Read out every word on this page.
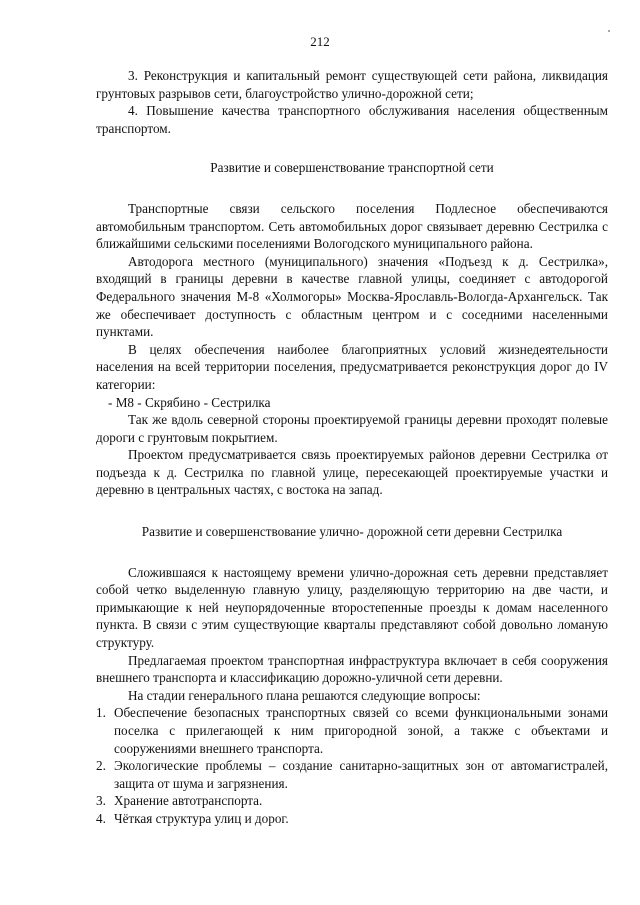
212

3. Реконструкция и капитальный ремонт существующей сети района, ликвидация грунтовых разрывов сети, благоустройство улично-дорожной сети;

4. Повышение качества транспортного обслуживания населения общественным транспортом.

Развитие и совершенствование транспортной сети

Транспортные связи сельского поселения Подлесное обеспечиваются автомобильным транспортом. Сеть автомобильных дорог связывает деревню Сестрилка с ближайшими сельскими поселениями Вологодского муниципального района.

Автодорога местного (муниципального) значения «Подъезд к д. Сестрилка», входящий в границы деревни в качестве главной улицы, соединяет с автодорогой Федерального значения М-8 «Холмогоры» Москва-Ярославль-Вологда-Архангельск. Так же обеспечивает доступность с областным центром и с соседними населенными пунктами.

В целях обеспечения наиболее благоприятных условий жизнедеятельности населения на всей территории поселения, предусматривается реконструкция дорог до IV категории:

- М8 - Скрябино - Сестрилка

Так же вдоль северной стороны проектируемой границы деревни проходят полевые дороги с грунтовым покрытием.

Проектом предусматривается связь проектируемых районов деревни Сестрилка от подъезда к д. Сестрилка по главной улице, пересекающей проектируемые участки и деревню в центральных частях, с востока на запад.

Развитие и совершенствование улично- дорожной сети деревни Сестрилка

Сложившаяся к настоящему времени улично-дорожная сеть деревни представляет собой четко выделенную главную улицу, разделяющую территорию на две части, и примыкающие к ней неупорядоченные второстепенные проезды к домам населенного пункта. В связи с этим существующие кварталы представляют собой довольно ломаную структуру.

Предлагаемая проектом транспортная инфраструктура включает в себя сооружения внешнего транспорта и классификацию дорожно-уличной сети деревни.

На стадии генерального плана решаются следующие вопросы:

1. Обеспечение безопасных транспортных связей со всеми функциональными зонами поселка с прилегающей к ним пригородной зоной, а также с объектами и сооружениями внешнего транспорта.
2. Экологические проблемы – создание санитарно-защитных зон от автомагистралей, защита от шума и загрязнения.
3. Хранение автотранспорта.
4. Чёткая структура улиц и дорог.
